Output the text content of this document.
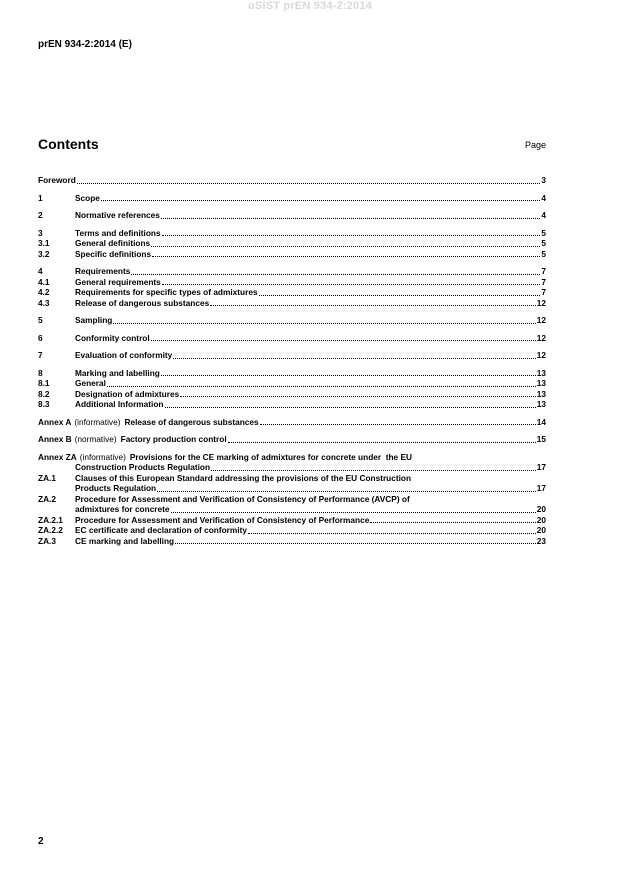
oSIST prEN 934-2:2014
prEN 934-2:2014 (E)
Contents	Page
Foreword	3
1	Scope	4
2	Normative references	4
3	Terms and definitions	5
3.1	General definitions	5
3.2	Specific definitions	5
4	Requirements	7
4.1	General requirements	7
4.2	Requirements for specific types of admixtures	7
4.3	Release of dangerous substances	12
5	Sampling	12
6	Conformity control	12
7	Evaluation of conformity	12
8	Marking and labelling	13
8.1	General	13
8.2	Designation of admixtures	13
8.3	Additional Information	13
Annex A (informative) Release of dangerous substances	14
Annex B (normative) Factory production control	15
Annex ZA (informative) Provisions for the CE marking of admixtures for concrete under  the EU
Construction Products Regulation	17
ZA.1	Clauses of this European Standard addressing the provisions of the EU Construction
Products Regulation	17
ZA.2	Procedure for Assessment and Verification of Consistency of Performance (AVCP) of
admixtures for concrete	20
ZA.2.1	Procedure for Assessment and Verification of Consistency of Performance	20
ZA.2.2	EC certificate and declaration of conformity	20
ZA.3	CE marking and labelling	23
2
